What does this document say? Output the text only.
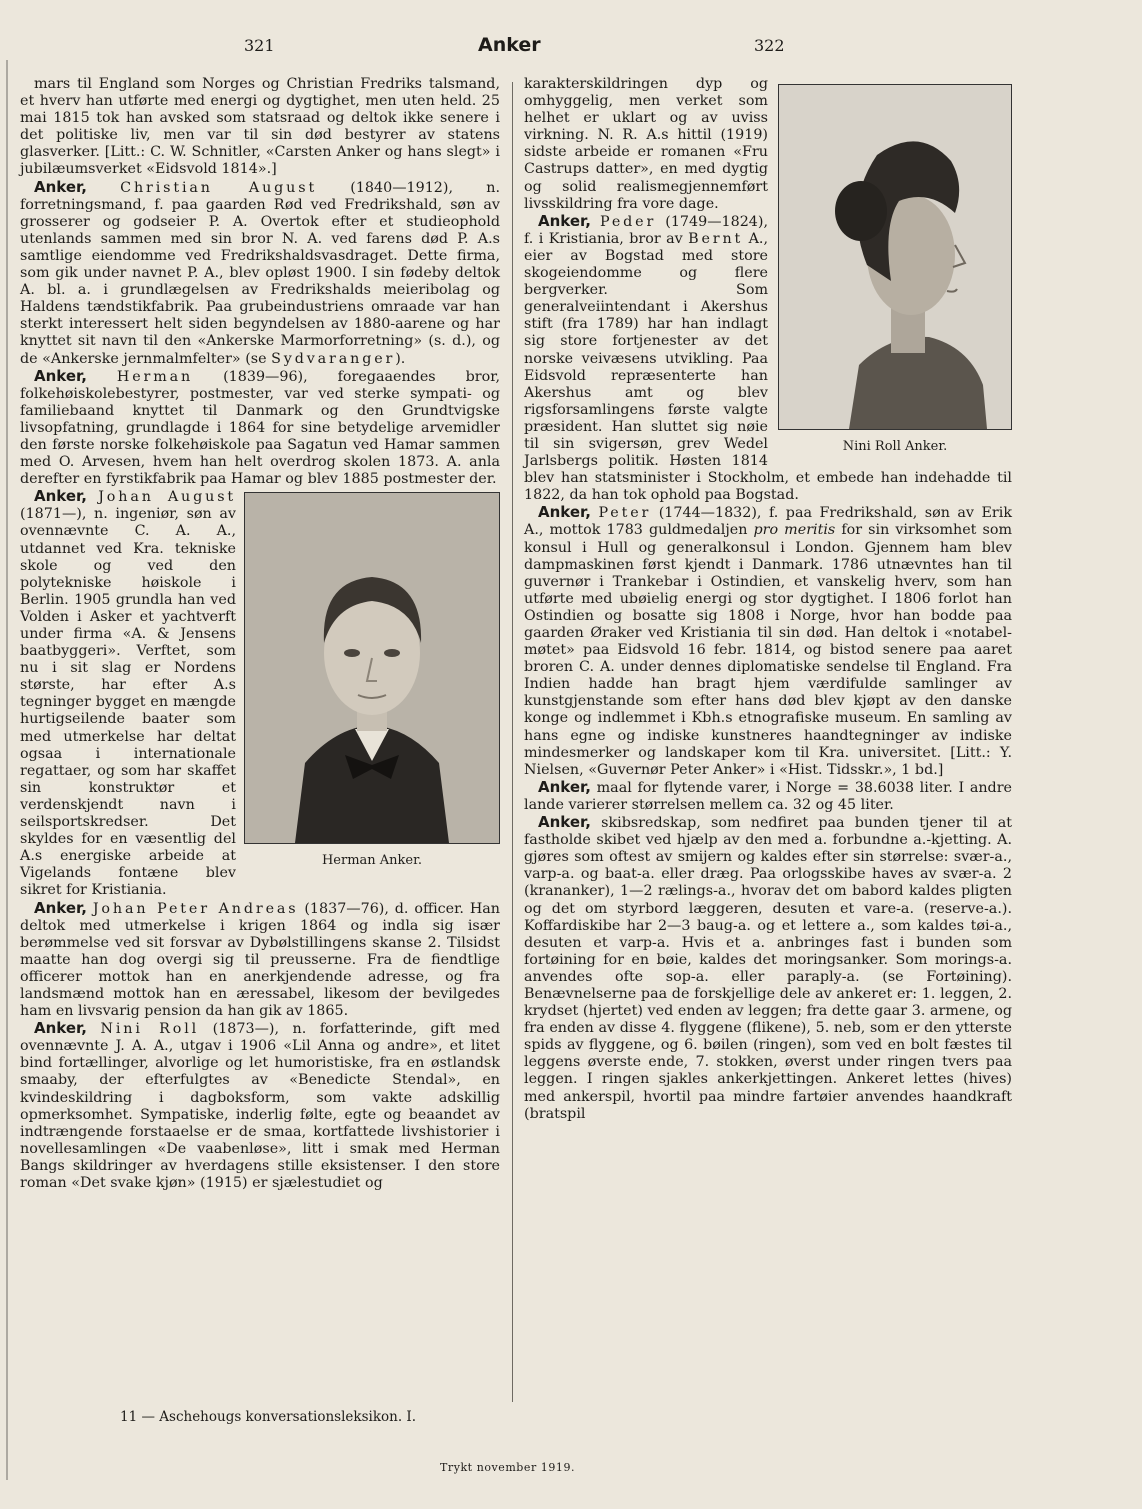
321	Anker	322

mars til England som Norges og Christian Fredriks talsmand, et hverv han utførte med energi og dygtighet, men uten held. 25 mai 1815 tok han avsked som statsraad og deltok ikke senere i det politiske liv, men var til sin død bestyrer av statens glasverker. [Litt.: C. W. Schnitler, «Carsten Anker og hans slegt» i jubilæumsverket «Eidsvold 1814».]

Anker, Christian August (1840—1912), n. forretningsmand, f. paa gaarden Rød ved Fredrikshald, søn av grosserer og godseier P. A. Overtok efter et studieophold utenlands sammen med sin bror N. A. ved farens død P. A.s samtlige eiendomme ved Fredrikshaldsvasdraget. Dette firma, som gik under navnet P. A., blev opløst 1900. I sin fødeby deltok A. bl. a. i grundlægelsen av Fredrikshalds meieribolag og Haldens tændstikfabrik. Paa grubeindustriens omraade var han sterkt interessert helt siden begyndelsen av 1880-aarene og har knyttet sit navn til den «Ankerske Marmorforretning» (s. d.), og de «Ankerske jernmalmfelter» (se Sydvaranger).

Anker, Herman (1839—96), foregaaendes bror, folkehøiskolebestyrer, postmester, var ved sterke sympati- og familiebaand knyttet til Danmark og den Grundtvigske livsopfatning, grundlagde i 1864 for sine betydelige arvemidler den første norske folkehøiskole paa Sagatun ved Hamar sammen med O. Arvesen, hvem han helt overdrog skolen 1873. A. anla derefter en fyrstikfabrik paa Hamar og blev 1885 postmester der.

Herman Anker.

Anker, Johan August (1871—), n. ingeniør, søn av ovennævnte C. A. A., utdannet ved Kra. tekniske skole og ved den polytekniske høiskole i Berlin. 1905 grundla han ved Volden i Asker et yachtverft under firma «A. & Jensens baatbyggeri». Verftet, som nu i sit slag er Nordens største, har efter A.s tegninger bygget en mængde hurtigseilende baater som med utmerkelse har deltat ogsaa i internationale regattaer, og som har skaffet sin konstruktør et verdenskjendt navn i seilsportskredser. Det skyldes for en væsentlig del A.s energiske arbeide at Vigelands fontæne blev sikret for Kristiania.

Anker, Johan Peter Andreas (1837—76), d. officer. Han deltok med utmerkelse i krigen 1864 og indla sig især berømmelse ved sit forsvar av Dybølstillingens skanse 2. Tilsidst maatte han dog overgi sig til preusserne. Fra de fiendtlige officerer mottok han en anerkjendende adresse, og fra landsmænd mottok han en æressabel, likesom der bevilgedes ham en livsvarig pension da han gik av 1865.

Anker, Nini Roll (1873—), n. forfatterinde, gift med ovennævnte J. A. A., utgav i 1906 «Lil Anna og andre», et litet bind fortællinger, alvorlige og let humoristiske, fra en østlandsk smaaby, der efterfulgtes av «Benedicte Stendal», en kvindeskildring i dagboksform, som vakte adskillig opmerksomhet. Sympatiske, inderlig følte, egte og beaandet av indtrængende forstaaelse er de smaa, kortfattede livshistorier i novellesamlingen «De vaabenløse», litt i smak med Herman Bangs skildringer av hverdagens stille eksistenser. I den store roman «Det svake kjøn» (1915) er sjælestudiet og

Nini Roll Anker.

karakterskildringen dyp og omhyggelig, men verket som helhet er uklart og av uviss virkning. N. R. A.s hittil (1919) sidste arbeide er romanen «Fru Castrups datter», en med dygtig og solid realismegjennemført livsskildring fra vore dage.

Anker, Peder (1749—1824), f. i Kristiania, bror av Bernt A., eier av Bogstad med store skogeiendomme og flere bergverker. Som generalveiintendant i Akershus stift (fra 1789) har han indlagt sig store fortjenester av det norske veivæsens utvikling. Paa Eidsvold repræsenterte han Akershus amt og blev rigsforsamlingens første valgte præsident. Han sluttet sig nøie til sin svigersøn, grev Wedel Jarlsbergs politik. Høsten 1814 blev han statsminister i Stockholm, et embede han indehadde til 1822, da han tok ophold paa Bogstad.

Anker, Peter (1744—1832), f. paa Fredrikshald, søn av Erik A., mottok 1783 guldmedaljen pro meritis for sin virksomhet som konsul i Hull og generalkonsul i London. Gjennem ham blev dampmaskinen først kjendt i Danmark. 1786 utnævntes han til guvernør i Trankebar i Ostindien, et vanskelig hverv, som han utførte med ubøielig energi og stor dygtighet. I 1806 forlot han Ostindien og bosatte sig 1808 i Norge, hvor han bodde paa gaarden Øraker ved Kristiania til sin død. Han deltok i «notabel-møtet» paa Eidsvold 16 febr. 1814, og bistod senere paa aaret broren C. A. under dennes diplomatiske sendelse til England. Fra Indien hadde han bragt hjem værdifulde samlinger av kunstgjenstande som efter hans død blev kjøpt av den danske konge og indlemmet i Kbh.s etnografiske museum. En samling av hans egne og indiske kunstneres haandtegninger av indiske mindesmerker og landskaper kom til Kra. universitet. [Litt.: Y. Nielsen, «Guvernør Peter Anker» i «Hist. Tidsskr.», 1 bd.]

Anker, maal for flytende varer, i Norge = 38.6038 liter. I andre lande varierer størrelsen mellem ca. 32 og 45 liter.

Anker, skibsredskap, som nedfiret paa bunden tjener til at fastholde skibet ved hjælp av den med a. forbundne a.-kjetting. A. gjøres som oftest av smijern og kaldes efter sin størrelse: svær-a., varp-a. og baat-a. eller dræg. Paa orlogsskibe haves av svær-a. 2 (krananker), 1—2 rælings-a., hvorav det om babord kaldes pligten og det om styrbord læggeren, desuten et vare-a. (reserve-a.). Koffardiskibe har 2—3 baug-a. og et lettere a., som kaldes tøi-a., desuten et varp-a. Hvis et a. anbringes fast i bunden som fortøining for en bøie, kaldes det moringsanker. Som morings-a. anvendes ofte sop-a. eller paraply-a. (se Fortøining). Benævnelserne paa de forskjellige dele av ankeret er: 1. leggen, 2. krydset (hjertet) ved enden av leggen; fra dette gaar 3. armene, og fra enden av disse 4. flyggene (flikene), 5. neb, som er den ytterste spids av flyggene, og 6. bøilen (ringen), som ved en bolt fæstes til leggens øverste ende, 7. stokken, øverst under ringen tvers paa leggen. I ringen sjakles ankerkjettingen. Ankeret lettes (hives) med ankerspil, hvortil paa mindre fartøier anvendes haandkraft (bratspil

11 — Aschehougs konversationsleksikon. I.
Trykt november 1919.
